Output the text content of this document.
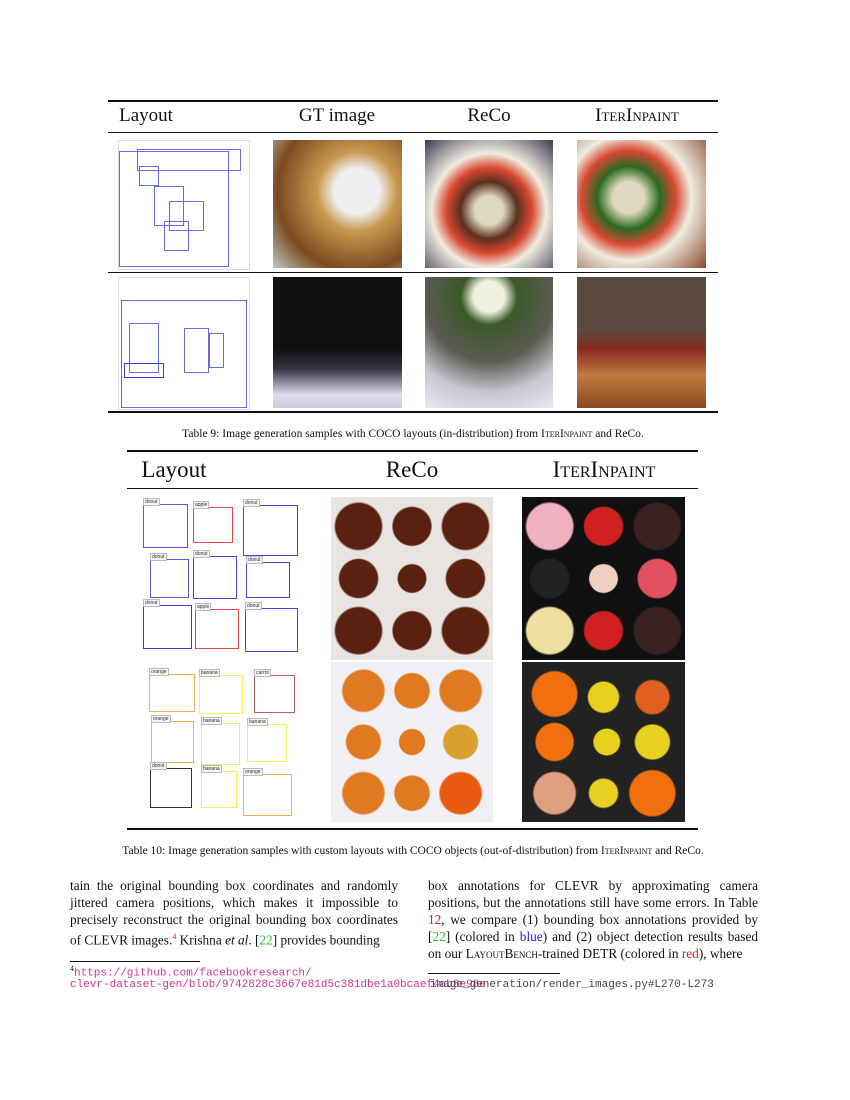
Layout	GT image	ReCo	IterInpaint
Table 9: Image generation samples with COCO layouts (in-distribution) from IterInpaint and ReCo.
Layout	ReCo	IterInpaint
donut	apple	donut
donut	donut
donut
donut
apple	donut
orange	banana	carrot
orange	banana	banana
donut	banana	orange
Table 10: Image generation samples with custom layouts with COCO objects (out-of-distribution) from IterInpaint and ReCo.

tain the original bounding box coordinates and randomly jittered camera positions, which makes it impossible to precisely reconstruct the original bounding box coordinates of CLEVR images.$^4$ Krishna et al. [22] provides bounding

box annotations for CLEVR by approximating camera positions, but the annotations still have some errors. In Table 12, we compare (1) bounding box annotations provided by [22] (colored in blue) and (2) object detection results based on our LayoutBench-trained DETR (colored in red), where

$^4$https://github.com/facebookresearch/
clevr-dataset-gen/blob/9742828c3667e81d5c381dbe1a0bcaef4ab8e98e
image_generation/render_images.py#L270-L273
